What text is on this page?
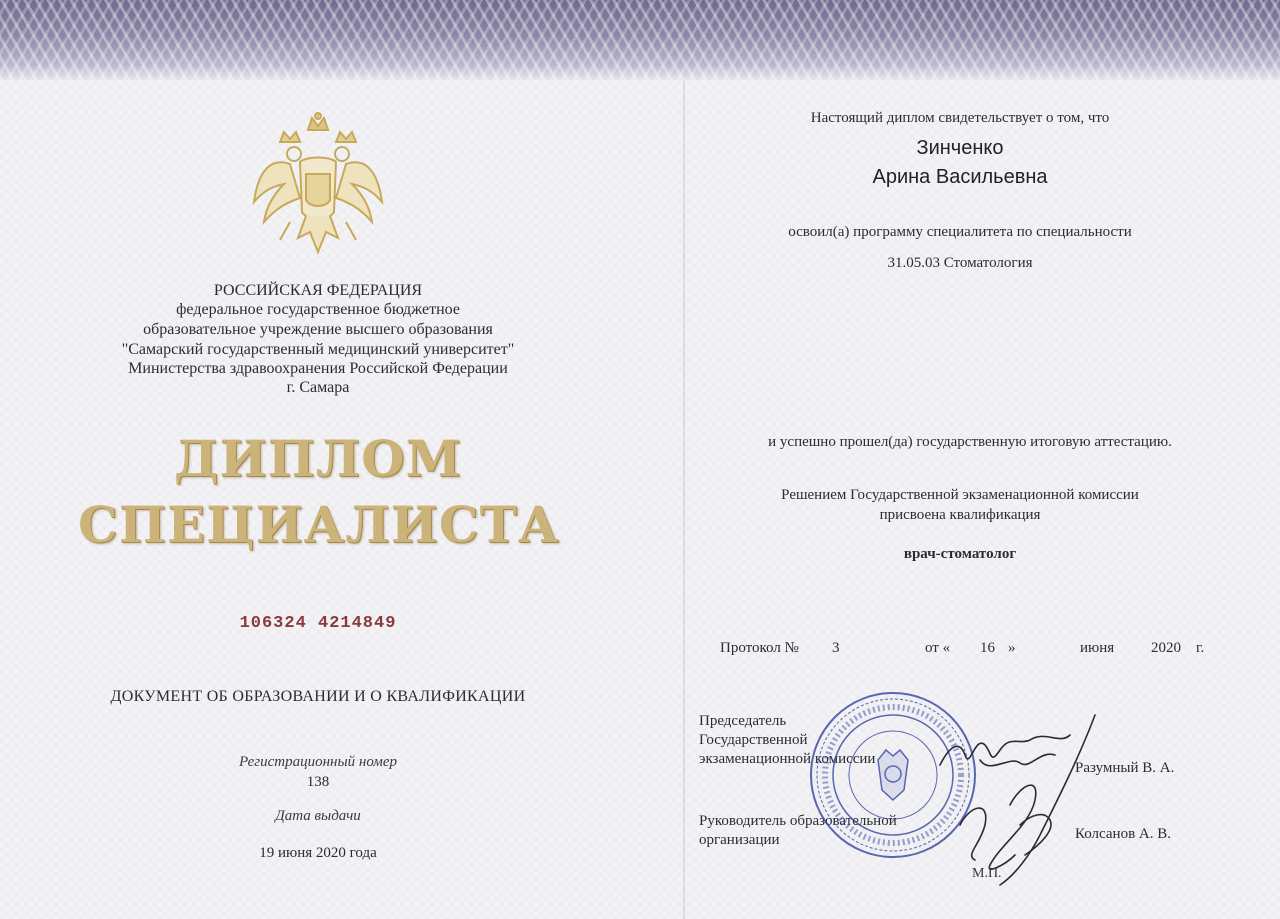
РОССИЙСКАЯ ФЕДЕРАЦИЯ
федеральное государственное бюджетное
образовательное учреждение высшего образования
"Самарский государственный медицинский университет"
Министерства здравоохранения Российской Федерации
г. Самара
ДИПЛОМ
СПЕЦИАЛИСТА
106324 4214849
ДОКУМЕНТ ОБ ОБРАЗОВАНИИ И О КВАЛИФИКАЦИИ
Регистрационный номер
138
Дата выдачи
19 июня 2020 года
Настоящий диплом свидетельствует о том, что
Зинченко
Арина Васильевна
освоил(а) программу специалитета по специальности
31.05.03 Стоматология
и успешно прошел(да) государственную итоговую аттестацию.
Решением Государственной экзаменационной комиссии
присвоена квалификация
врач-стоматолог
Протокол № 3	от « 16 »	июня 2020 г.
Председатель
Государственной
экзаменационной комиссии
Разумный В. А.
Руководитель образовательной
организации	Колсанов А. В.
М.П.
